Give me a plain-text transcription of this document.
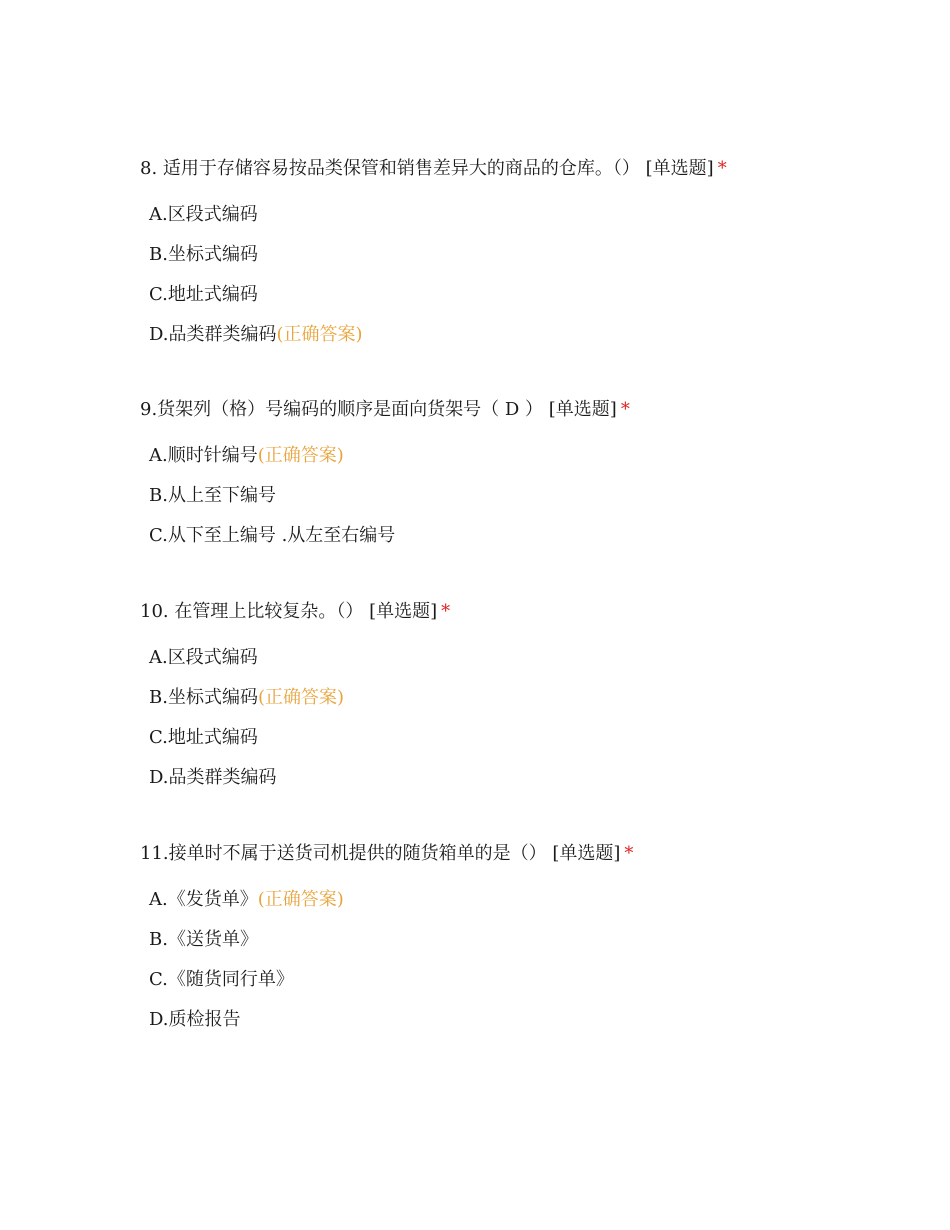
8. 适用于存储容易按品类保管和销售差异大的商品的仓库。（） [单选题] *

A.区段式编码
B.坐标式编码
C.地址式编码
D.品类群类编码(正确答案)

9.货架列（格）号编码的顺序是面向货架号（ D ） [单选题] *

A.顺时针编号(正确答案)
B.从上至下编号
C.从下至上编号 .从左至右编号

10. 在管理上比较复杂。（） [单选题] *

A.区段式编码
B.坐标式编码(正确答案)
C.地址式编码
D.品类群类编码

11.接单时不属于送货司机提供的随货箱单的是（） [单选题] *

A.《发货单》(正确答案)
B.《送货单》
C.《随货同行单》
D.质检报告
